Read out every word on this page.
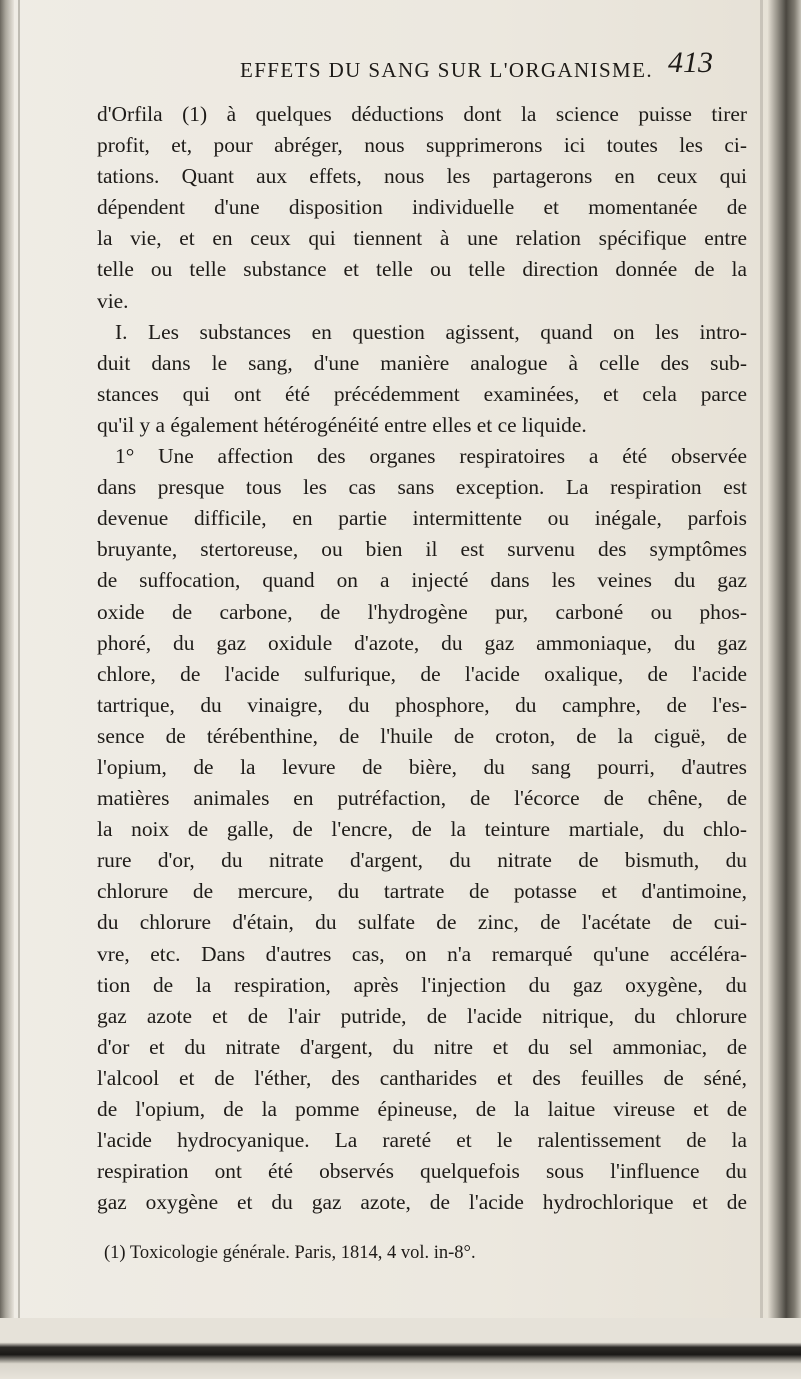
EFFETS DU SANG SUR L'ORGANISME. 413
d'Orfila (1) à quelques déductions dont la science puisse tirer
profit, et, pour abréger, nous supprimerons ici toutes les ci-
tations. Quant aux effets, nous les partagerons en ceux qui
dépendent d'une disposition individuelle et momentanée de
la vie, et en ceux qui tiennent à une relation spécifique entre
telle ou telle substance et telle ou telle direction donnée de la
vie.
I. Les substances en question agissent, quand on les intro-
duit dans le sang, d'une manière analogue à celle des sub-
stances qui ont été précédemment examinées, et cela parce
qu'il y a également hétérogénéité entre elles et ce liquide.
1° Une affection des organes respiratoires a été observée
dans presque tous les cas sans exception. La respiration est
devenue difficile, en partie intermittente ou inégale, parfois
bruyante, stertoreuse, ou bien il est survenu des symptômes
de suffocation, quand on a injecté dans les veines du gaz
oxide de carbone, de l'hydrogène pur, carboné ou phos-
phoré, du gaz oxidule d'azote, du gaz ammoniaque, du gaz
chlore, de l'acide sulfurique, de l'acide oxalique, de l'acide
tartrique, du vinaigre, du phosphore, du camphre, de l'es-
sence de térébenthine, de l'huile de croton, de la ciguë, de
l'opium, de la levure de bière, du sang pourri, d'autres
matières animales en putréfaction, de l'écorce de chêne, de
la noix de galle, de l'encre, de la teinture martiale, du chlo-
rure d'or, du nitrate d'argent, du nitrate de bismuth, du
chlorure de mercure, du tartrate de potasse et d'antimoine,
du chlorure d'étain, du sulfate de zinc, de l'acétate de cui-
vre, etc. Dans d'autres cas, on n'a remarqué qu'une accéléra-
tion de la respiration, après l'injection du gaz oxygène, du
gaz azote et de l'air putride, de l'acide nitrique, du chlorure
d'or et du nitrate d'argent, du nitre et du sel ammoniac, de
l'alcool et de l'éther, des cantharides et des feuilles de séné,
de l'opium, de la pomme épineuse, de la laitue vireuse et de
l'acide hydrocyanique. La rareté et le ralentissement de la
respiration ont été observés quelquefois sous l'influence du
gaz oxygène et du gaz azote, de l'acide hydrochlorique et de
(1) Toxicologie générale. Paris, 1814, 4 vol. in-8°.
